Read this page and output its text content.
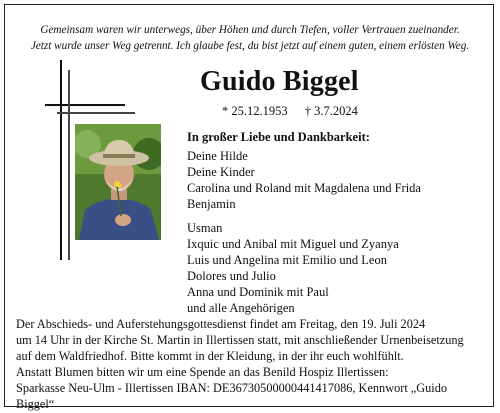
Gemeinsam waren wir unterwegs, über Höhen und durch Tiefen, voller Vertrauen zueinander.
Jetzt wurde unser Weg getrennt. Ich glaube fest, du bist jetzt auf einem guten, einem erlösten Weg.
Guido Biggel
* 25.12.1953 † 3.7.2024
In großer Liebe und Dankbarkeit:
Deine Hilde
Deine Kinder
Carolina und Roland mit Magdalena und Frida
Benjamin
Usman
Ixquic und Anibal mit Miguel und Zyanya
Luis und Angelina mit Emilio und Leon
Dolores und Julio
Anna und Dominik mit Paul
und alle Angehörigen
Der Abschieds- und Auferstehungsgottesdienst findet am Freitag, den 19. Juli 2024
um 14 Uhr in der Kirche St. Martin in Illertissen statt, mit anschließender Urnenbeisetzung
auf dem Waldfriedhof. Bitte kommt in der Kleidung, in der ihr euch wohlfühlt.
Anstatt Blumen bitten wir um eine Spende an das Benild Hospiz Illertissen:
Sparkasse Neu-Ulm - Illertissen IBAN: DE36730500000441417086, Kennwort „Guido Biggel“
